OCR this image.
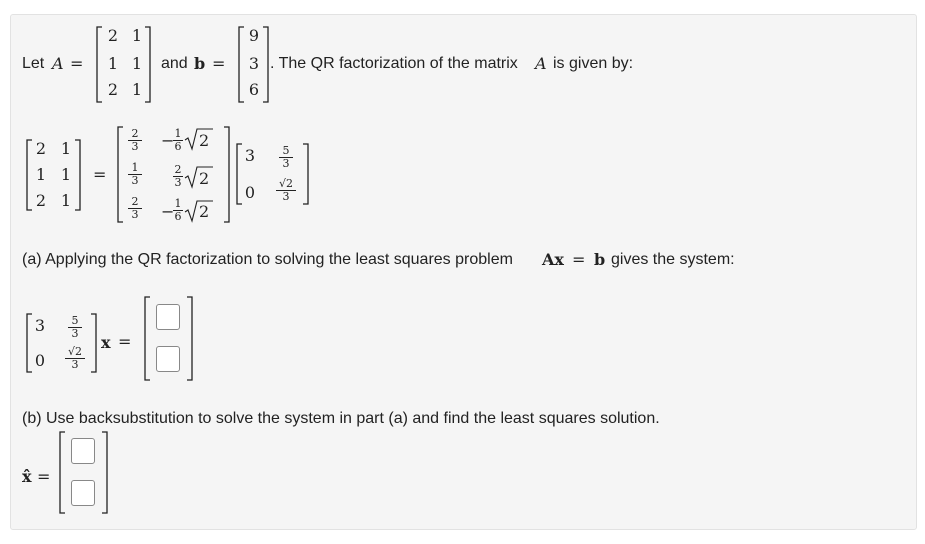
Let A =
2 1
1 1
2 1
and b =
9
3
6
. The QR factorization of the matrix A is given by:
2 1
1 1
2 1
=
$\frac{2}{3}$
$\frac{1}{3}$
$\frac{2}{3}$
−
$\frac{1}{6} 2$
$\frac{2}{3} 2$
−
$\frac{1}{6} 2$
$3 \frac{5}{3}$
$0 \frac{√2}{3}$
(a) Applying the QR factorization to solving the least squares problem Ax = b gives the system:
$3 \frac{5}{3}$
$0 \frac{√2}{3}$
x =
(b) Use backsubstitution to solve the system in part (a) and find the least squares solution.
x̂ =
